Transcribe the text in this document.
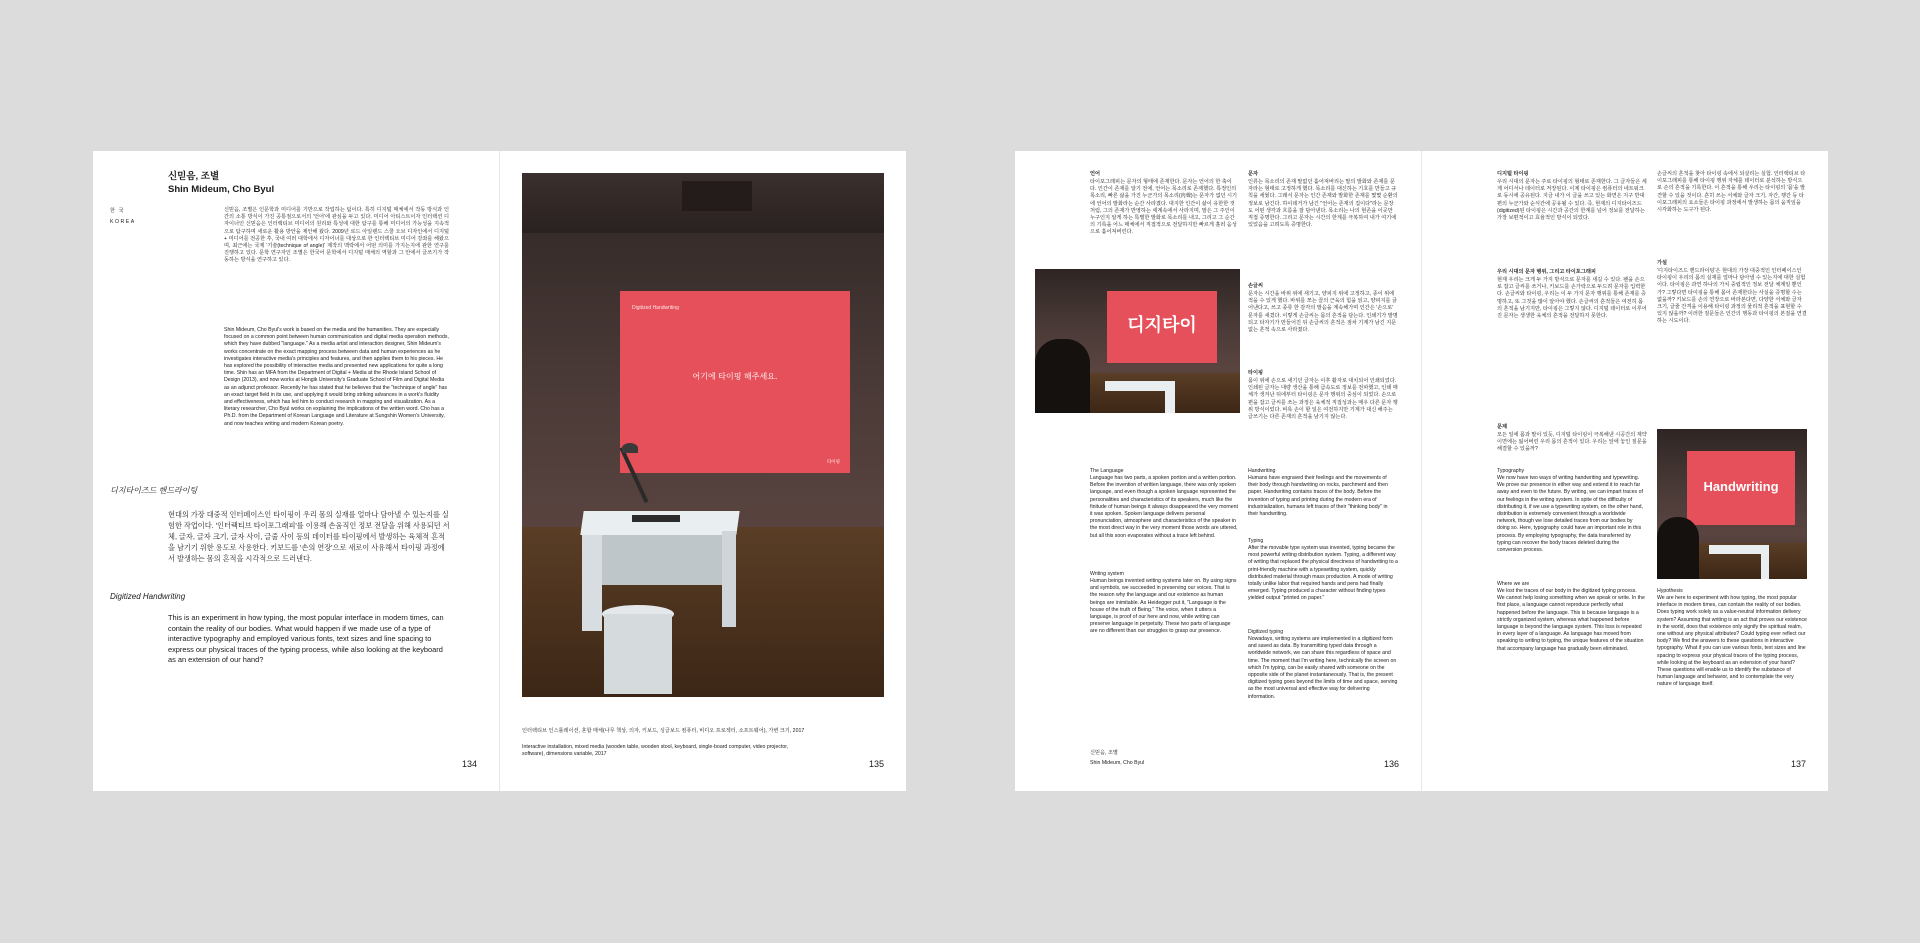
신믿음, 조별
Shin Mideum, Cho Byul
한 국
KOREA
신믿음, 조별은 인문학과 미디어를 기반으로 작업하는 팀이다. 특히 디지털 매체에서 작동 방식과 인간의 소통 방식이 가진 공통점으로서의 '언어'에 관심을 두고 있다. 미디어 아티스트이자 인터랙션 디자이너인 신믿음은 인터랙티브 미디어의 원리와 특성에 대한 탐구를 통해 미디어의 가능성을 지속적으로 탐구하며 새로운 활용 방안을 제안해 왔다. 2009년 로드 아일랜드 스쿨 오브 디자인에서 디지털 + 미디어를 전공한 후, 국내 여러 대학에서 디자이너를 대상으로 한 인터랙티브 미디어 강좌를 해왔으며, 최근에는 국제 '기술(technique of angle)' 제작의 맥락에서 어떤 의미를 가지는지에 관한 연구를 진행하고 있다. 문학 연구자인 조별은 한국어 문학에서 디지털 매체의 역할과 그 안에서 글쓰기가 작동하는 방식을 연구하고 있다.
Shin Mideum, Cho Byul's work is based on the media and the humanities. They are especially focused on a common point between human communication and digital media operation methods, which they have dubbed "language." As a media artist and interaction designer, Shin Mideum's works concentrate on the exact mapping process between data and human experiences as he investigates interactive media's principles and features, and then applies them to his pieces. He has explored the possibility of interactive media and presented new applications for quite a long time. Shin has an MFA from the Department of Digital + Media at the Rhode Island School of Design (2013), and now works at Hongik University's Graduate School of Film and Digital Media as an adjunct professor. Recently he has stated that he believes that the "technique of angle" has an exact target field in its use, and applying it would bring striking advances in a work's fluidity and effectiveness, which has led him to conduct research in mapping and visualization. As a literary researcher, Cho Byul works on explaining the implications of the written word. Cho has a Ph.D. from the Department of Korean Language and Literature at Sungshin Women's University, and now teaches writing and modern Korean poetry.
디지타이즈드 핸드라이팅
현대의 가장 대중적 인터페이스인 타이핑이 우리 몸의 실재를 얼마나 담아낼 수 있는지를 실험한 작업이다. '인터랙티브 타이포그래피'를 이용해 손움직인 정보 전달을 위해 사용되던 서체, 글자, 글자 크기, 글자 사이, 글줄 사이 등의 데이터를 타이핑에서 발생하는 육체적 흔적을 남기기 위한 용도로 사용한다. 키보드를 '손의 연장'으로 새로이 사유해서 타이핑 과정에서 발생하는 몸의 흔적을 시각적으로 드러낸다.
Digitized Handwriting
This is an experiment in how typing, the most popular interface in modern times, can contain the reality of our bodies. What would happen if we made use of a type of interactive typography and employed various fonts, text sizes and line spacing to express our physical traces of the typing process, while also looking at the keyboard as an extension of our hand?
134
Digitized Handwriting
어기에 타이핑 해주세요.
타이핑
인터랙티브 인스톨레이션, 혼합 매체(나무 책상, 의자, 키보드, 싱글보드 컴퓨터, 비디오 프로젝터, 소프트웨어), 가변 크기, 2017
Interactive installation, mixed media (wooden table, wooden stool, keyboard, single-board computer, video projector, software), dimensions variable, 2017
135
언어
타이포그래피는 문자의 형태에 존재한다. 문자는 언어의 한 축이다. 인간이 존재를 알기 전에, 언어는 목소리로 존재했다. 특정인의 목소리, 빠른 삶을 가진 누군가의 목소리(肉聲)는 문자가 없던 시기에 언어의 발화라는 순간 사라졌다. 대지한 인간이 삶이 유한한 것처럼, 그의 존재가 반영하는 세계속에서 사라지며, 말은 그 주인이 누구인지 알게 하는 특별한 발화로 목소리를 내고, 그리고 그 순간의 기록을 어느 매체에서 직접적으로 전달하지만 빠르게 흘러 음성으로 흩어져버린다.
디지타이
문자
인류는 목소리의 존재 말없던 흩어져버리는 말의 발화와 존재를 문자라는 형태로 고정하게 했다. 목소리를 대신하는 기호를 만들고 규칙을 세웠다. 그래서 문자는 인간 존재와 발화한 존재를 몇몇 순환의 정보로 남긴다. 하이데거가 남긴 "언어는 존재의 집이다"라는 문장도 어떤 생각과 흐름을 잘 담아낸다. 목소리는 나의 현존을 이곳만 직접 증명한다. 그리고 문자는 시간의 한계를 극복하여 내가 여기에 있었음을 고려도록 증명한다.
손글씨
문자는 시간을 바위 위에 새기고, 양피지 위에 고정하고, 종이 위에 적을 수 있게 했다. 바위를 쪼는 끌의 근육의 힘을 읽고, 양피지를 긁어낸다고, 쓰고 종류 한 감각의 발음을 계속해가며 인간은 '손으로' 문자를 새겼다. 이렇게 손글씨는 몸의 흔적을 담는다. 인쇄기가 발명되고 타자기가 만들어진 뒤 손글씨의 흔적은 점차 기계가 남긴 지문 없는 흔적 속으로 사라졌다.
타이핑
몸이 위에 손으로 새기던 글자는 이후 활자로 대치되어 인쇄되었다. 인쇄된 글자는 대량 생산을 통해 급속도로 정보를 전파했고, 인쇄 매체가 생겨난 뒤에부터 타이핑은 문자 행위의 중심이 되었다. 손으로 편을 잡고 글씨를 쓰는 과정은 육체적 직접성과는 매우 다른 문자 행위 방식이었다. 비록 손이 할 일은 여전하지만 기계가 대신 해주는 글쓰기는 다른 존재의 흔적을 남기지 않는다.
The Language
Language has two parts, a spoken portion and a written portion. Before the invention of written language, there was only spoken language, and even though a spoken language represented the personalities and characteristics of its speakers, much like the finitude of human beings it always disappeared the very moment it was spoken. Spoken language delivers personal pronunciation, atmosphere and characteristics of the speaker in the most direct way in the very moment those words are uttered, but all this soon evaporates without a trace left behind.
Writing system
Human beings invented writing systems later on. By using signs and symbols, we succeeded in preserving our voices. That is the reason why the language and our existence as human beings are inimitable. As Heidegger put it, "Language is the house of the truth of Being." The voice, when it utters a language, is proof of our here and now, while writing can preserve language in perpetuity. These two parts of language are no different than our struggles to grasp our presence.
Handwriting
Humans have engraved their feelings and the movements of their body through handwriting on rocks, parchment and then paper. Handwriting contains traces of the body. Before the invention of typing and printing during the modern era of industrialization, humans left traces of their "thinking body" in their handwriting.
Typing
After the movable type system was invented, typing became the most powerful writing distribution system. Typing, a different way of writing that replaced the physical directness of handwriting to a print-friendly machine with a typesetting system, quickly distributed material through mass production. A mode of writing totally unlike labor that required hands and pens had finally emerged. Typing produced a character without finding types yielded output "printed on paper."
Digitized typing
Nowadays, writing systems are implemented in a digitized form and saved as data. By transmitting typed data through a worldwide network, we can share this regardless of space and time. The moment that I'm writing here, technically the screen on which I'm typing, can be easily shared with someone on the opposite side of the planet instantaneously. That is, the present digitized typing goes beyond the limits of time and space, serving as the most universal and effective way for delivering information.
신믿음, 조별
Shin Mideum, Cho Byul	136
디지털 타이핑
우리 시대의 문자는 주로 타이핑의 형태로 존재한다. 그 글자들은 세계 어디서나 데이터로 저장된다. 이제 타이핑은 컴퓨터의 네트워크로 동시에 공유된다. 지금 내가 이 글을 쓰고 있는 화면은 지구 반대편의 누군가와 순식간에 공유될 수 있다. 즉, 현재의 디지타이즈드(digitized)된 타이핑은 시간과 공간의 한계를 넘어 정보를 전달하는 가장 보편적이고 효율적인 방식이 되었다.
우리 시대의 문자 행위, 그리고 타이포그래피
현재 우리는 크게 두 가지 방식으로 문자를 새길 수 있다. 펜을 손으로 잡고 글씨를 쓰거나, 키보드를 손가락으로 두드려 문자를 입력한다. 손글씨와 타이핑, 우리는 이 두 가지 문자 행위를 통해 존재를 증명하고, 또 그것을 많이 알아야 했다. 손글씨의 흔적들은 여전히 몸의 흔적을 남기지만, 타이핑은 그렇지 않다. 디지털 데이터로 이루어진 문자는 생생한 육체의 흔적을 전달하지 못한다.
문제
모든 일에 몸과 말이 있듯, 디지털 타이핑이 극복해낸 시공간의 제약 이면에는 잃어버린 우리 몸의 흔적이 있다. 우리는 앞에 놓인 질문을 해결할 수 있을까?
손글씨의 흔적을 찾아 타이핑 속에서 되살리는 실험. 인터랙티브 타이포그래피를 통해 타이핑 행위 자체를 데이터로 분석하는 방식으로 손의 흔적을 기록한다. 이 흔적을 통해 우리는 타이핑의 '몸'을 발견할 수 있을 것이다. 흔히 쓰는 서체와 글자 크기, 자간, 행간 등 타이포그래피의 요소들은 타이핑 과정에서 발생하는 몸의 움직임을 시각화하는 도구가 된다.
가설
'디지타이즈드 핸드라이팅'은 현대의 가장 대중적인 인터페이스인 타이핑이 우리의 몸의 실재를 얼마나 담아낼 수 있는지에 대한 실험이다. 타이핑은 과연 하나의 가치 중립적인 정보 전달 체계일 뿐인가? 그렇다면 타이핑을 통해 몸이 존재한다는 사실을 증명할 수는 없을까? 키보드를 손의 연장으로 바라본다면, 다양한 서체와 글자 크기, 글줄 간격을 이용해 타이핑 과정의 물리적 흔적을 표현할 수 있지 않을까? 이러한 질문들은 인간의 행동과 타이핑의 본질을 연결하는 시도이다.
Handwriting
Typography
We now have two ways of writing handwriting and typewriting. We prove our presence in either way and extend it to reach far away and even to the future. By writing, we can impart traces of our feelings in the writing system. In spite of the difficulty of distributing it, if we use a typewriting system, on the other hand, distribution is extremely convenient through a worldwide network, though we lose detailed traces from our bodies by doing so. Here, typography could have an important role in this process. By employing typography, the data transferred by typing can recover the body traces deleted during the conversion process.
Where we are
We lost the traces of our body in the digitized typing process. We cannot help losing something when we speak or write. In the first place, a language cannot reproduce perfectly what happened before the language. This is because language is a strictly organized system, whereas what happened before language is beyond the language system. This loss is repeated in every layer of a language. As language has moved from speaking to writing to typing, the unique features of the situation that accompany language has gradually been eliminated.
Hypothesis
We are here to experiment with how typing, the most popular interface in modern times, can contain the reality of our bodies. Does typing work solely as a value-neutral information delivery system? Assuming that writing is an act that proves our existence in the world, does that existence only signify the spiritual realm, one without any physical attributes? Could typing ever reflect our body? We find the answers to these questions in interactive typography. What if you can use various fonts, text sizes and line spacing to express your physical traces of the typing process, while looking at the keyboard as an extension of your hand? These questions will enable us to identify the substance of human language and behavior, and to contemplate the very nature of language itself.
137
